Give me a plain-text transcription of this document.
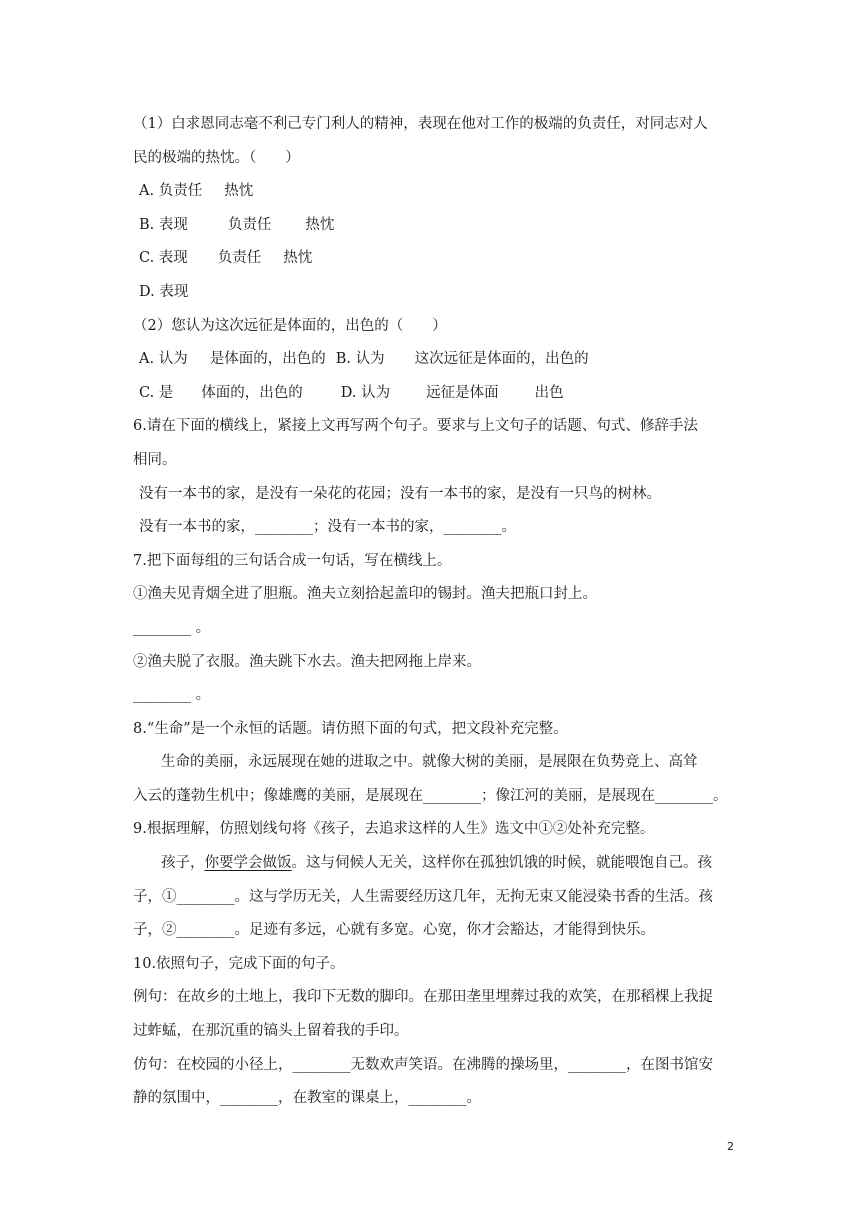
（1）白求恩同志毫不利己专门利人的精神，表现在他对工作的极端的负责任，对同志对人

民的极端的热忱。（　　）

A. 负责任 热忱

B. 表现	负责任 热忱

C. 表现 负责任 热忱

D. 表现

（2）您认为这次远征是体面的，出色的（　　）

A. 认为 是体面的，出色的 B. 认为 这次远征是体面的，出色的

C. 是 体面的，出色的	D. 认为 远征是体面 出色

6.请在下面的横线上，紧接上文再写两个句子。要求与上文句子的话题、句式、修辞手法

相同。

没有一本书的家，是没有一朵花的花园；没有一本书的家，是没有一只鸟的树林。

没有一本书的家，________；没有一本书的家，________。

7.把下面每组的三句话合成一句话，写在横线上。

①渔夫见青烟全进了胆瓶。渔夫立刻拾起盖印的锡封。渔夫把瓶口封上。

________ 。

②渔夫脱了衣服。渔夫跳下水去。渔夫把网拖上岸来。

________ 。

8.“生命”是一个永恒的话题。请仿照下面的句式，把文段补充完整。

生命的美丽，永远展现在她的进取之中。就像大树的美丽，是展限在负势竞上、高耸

入云的蓬勃生机中；像雄鹰的美丽，是展现在________；像江河的美丽，是展现在________。

9.根据理解，仿照划线句将《孩子，去追求这样的人生》选文中①②处补充完整。

孩子，你要学会做饭。这与伺候人无关，这样你在孤独饥饿的时候，就能喂饱自己。孩

子，①________。这与学历无关，人生需要经历这几年，无拘无束又能浸染书香的生活。孩

子，②________。足迹有多远，心就有多宽。心宽，你才会豁达，才能得到快乐。

10.依照句子，完成下面的句子。

例句：在故乡的土地上，我印下无数的脚印。在那田垄里埋葬过我的欢笑，在那稻棵上我捉

过蚱蜢，在那沉重的镐头上留着我的手印。

仿句：在校园的小径上，________无数欢声笑语。在沸腾的操场里，________，在图书馆安

静的氛围中，________，在教室的课桌上，________。

2
